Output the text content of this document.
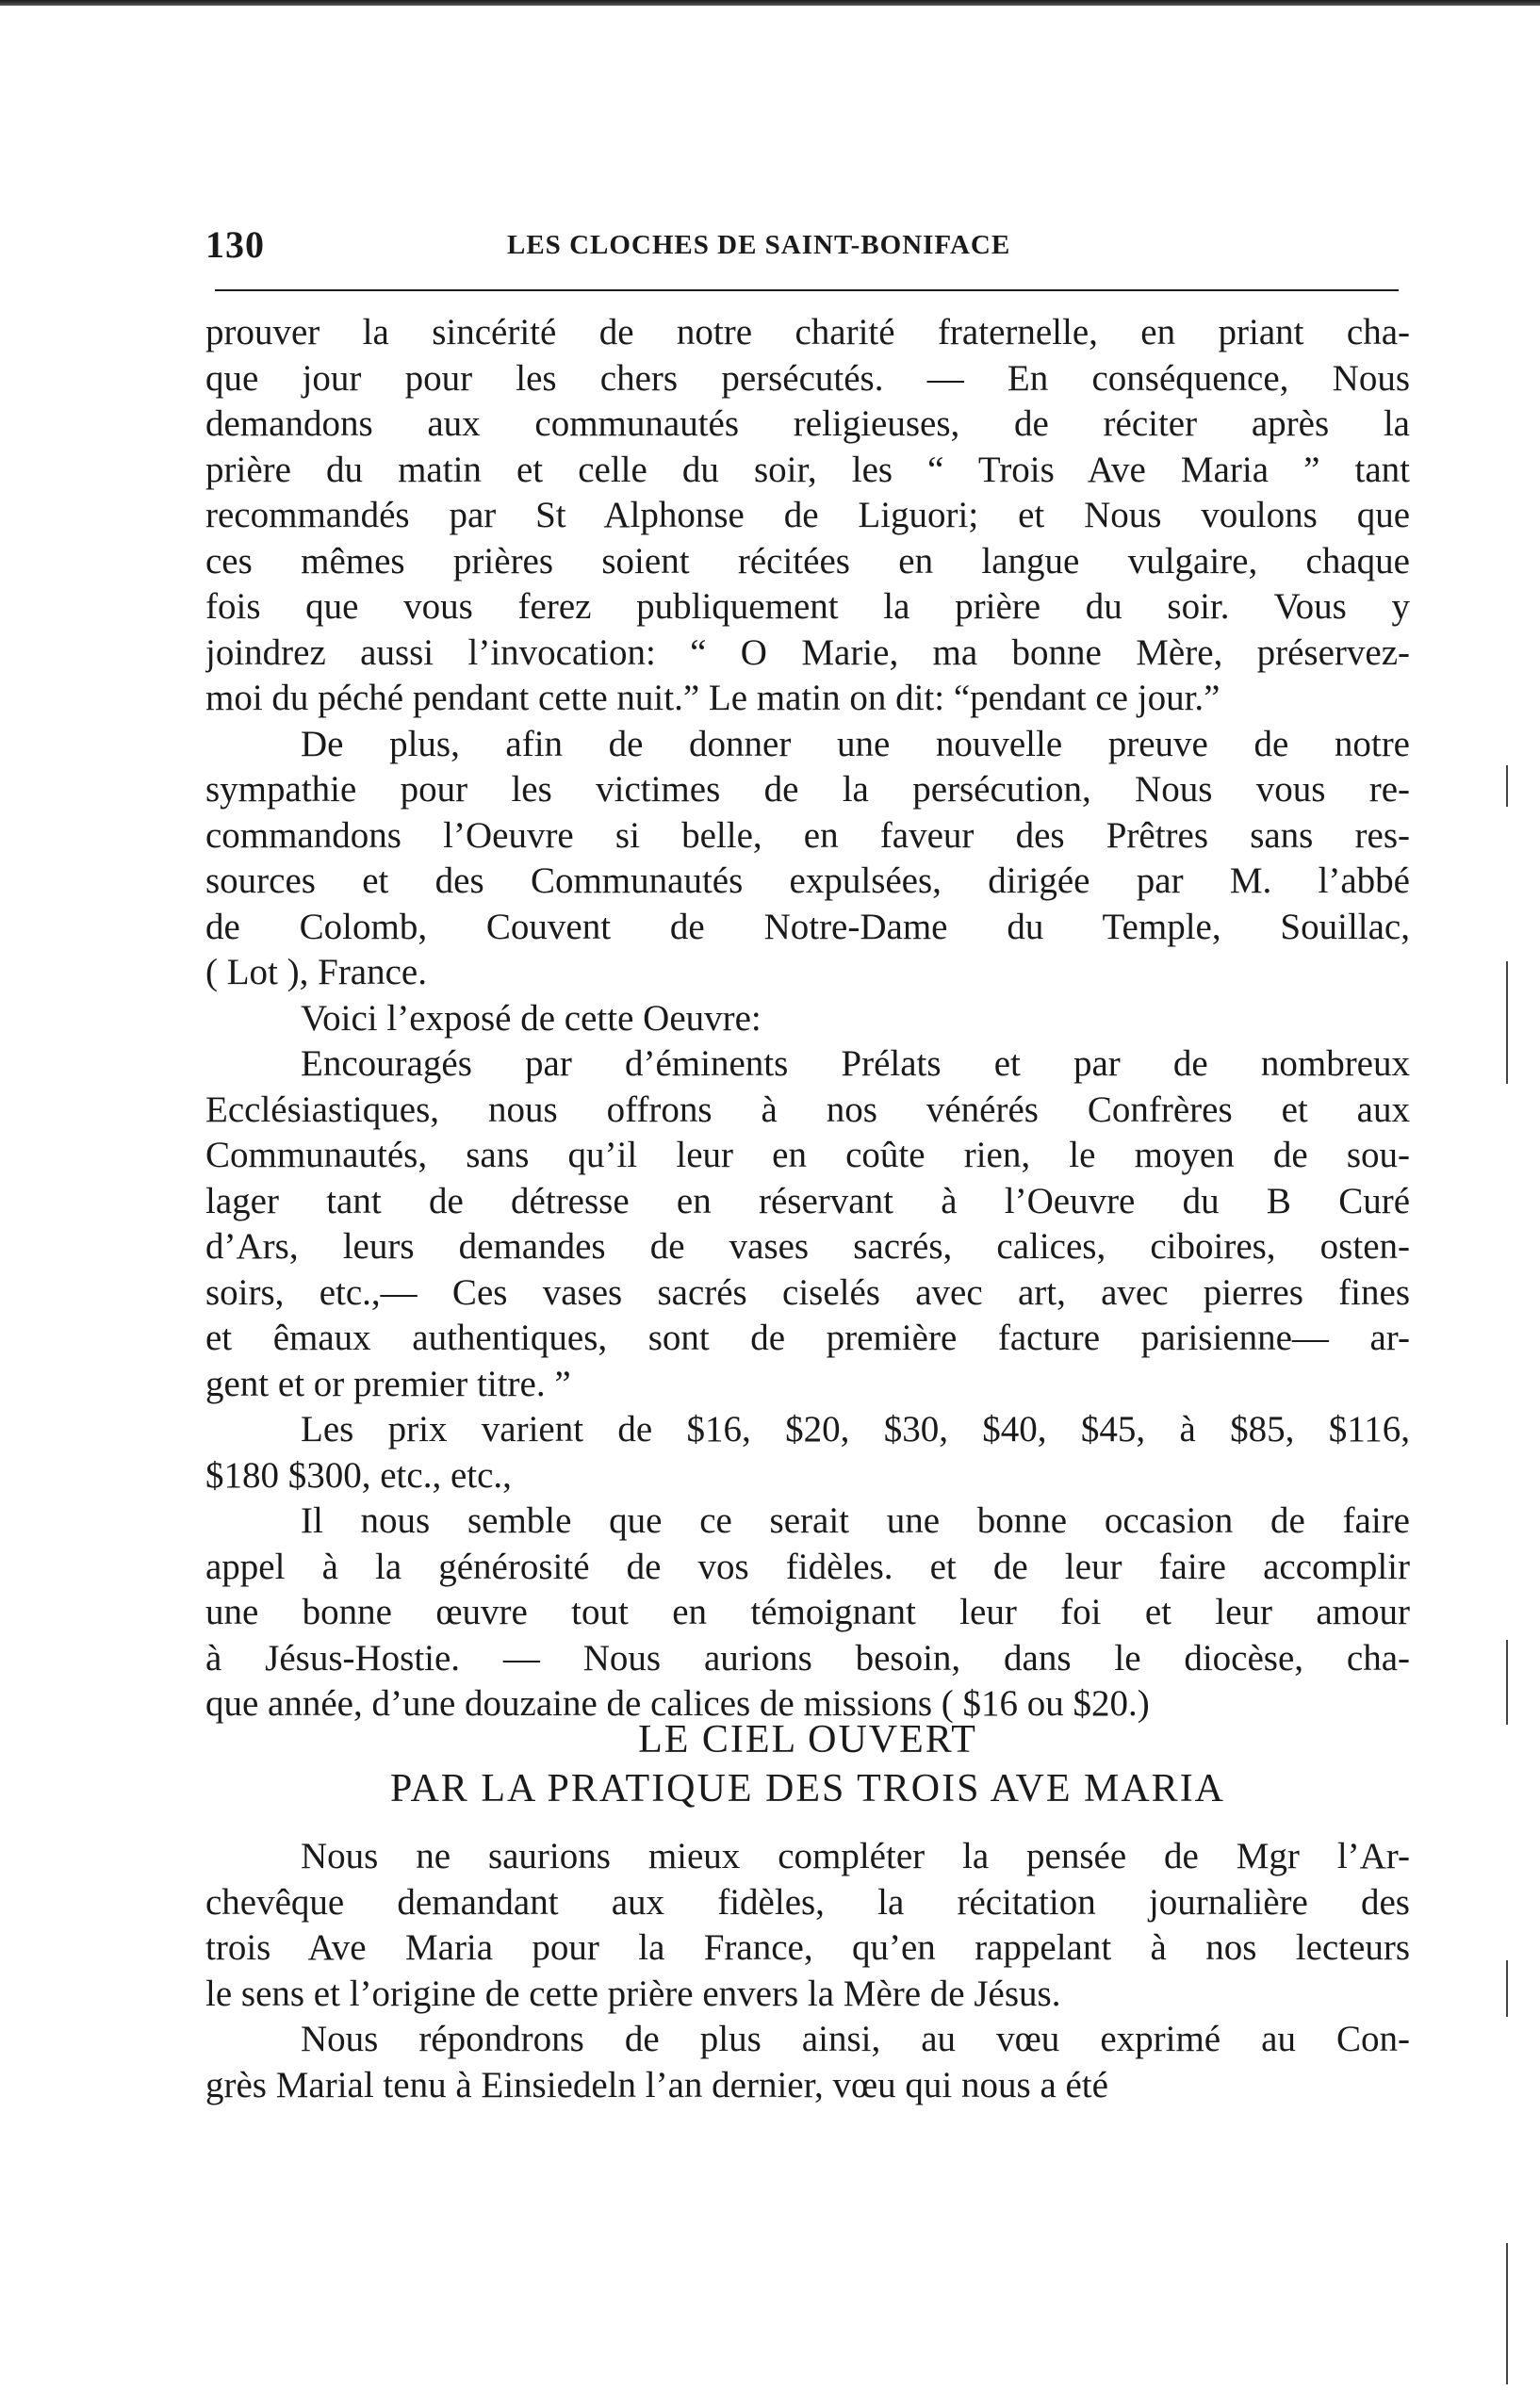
130	LES CLOCHES DE SAINT-BONIFACE
prouver la sincérité de notre charité fraternelle, en priant cha-
que jour pour les chers persécutés. — En conséquence, Nous
demandons aux communautés religieuses, de réciter après la
prière du matin et celle du soir, les “ Trois Ave Maria ” tant
recommandés par St Alphonse de Liguori; et Nous voulons que
ces mêmes prières soient récitées en langue vulgaire, chaque
fois que vous ferez publiquement la prière du soir. Vous y
joindrez aussi l’invocation: “ O Marie, ma bonne Mère, préservez-
moi du péché pendant cette nuit.” Le matin on dit: “pendant ce jour.”
De plus, afin de donner une nouvelle preuve de notre
sympathie pour les victimes de la persécution, Nous vous re-
commandons l’Oeuvre si belle, en faveur des Prêtres sans res-
sources et des Communautés expulsées, dirigée par M. l’abbé
de Colomb, Couvent de Notre-Dame du Temple, Souillac,
( Lot ), France.
Voici l’exposé de cette Oeuvre:
Encouragés par d’éminents Prélats et par de nombreux
Ecclésiastiques, nous offrons à nos vénérés Confrères et aux
Communautés, sans qu’il leur en coûte rien, le moyen de sou-
lager tant de détresse en réservant à l’Oeuvre du B Curé
d’Ars, leurs demandes de vases sacrés, calices, ciboires, osten-
soirs, etc.,— Ces vases sacrés ciselés avec art, avec pierres fines
et êmaux authentiques, sont de première facture parisienne— ar-
gent et or premier titre. ”
Les prix varient de $16, $20, $30, $40, $45, à $85, $116,
$180 $300, etc., etc.,
Il nous semble que ce serait une bonne occasion de faire
appel à la générosité de vos fidèles. et de leur faire accomplir
une bonne œuvre tout en témoignant leur foi et leur amour
à Jésus-Hostie. — Nous aurions besoin, dans le diocèse, cha-
que année, d’une douzaine de calices de missions ( $16 ou $20.)
LE CIEL OUVERT
PAR LA PRATIQUE DES TROIS AVE MARIA
Nous ne saurions mieux compléter la pensée de Mgr l’Ar-
chevêque demandant aux fidèles, la récitation journalière des
trois Ave Maria pour la France, qu’en rappelant à nos lecteurs
le sens et l’origine de cette prière envers la Mère de Jésus.
Nous répondrons de plus ainsi, au vœu exprimé au Con-
grès Marial tenu à Einsiedeln l’an dernier, vœu qui nous a été
